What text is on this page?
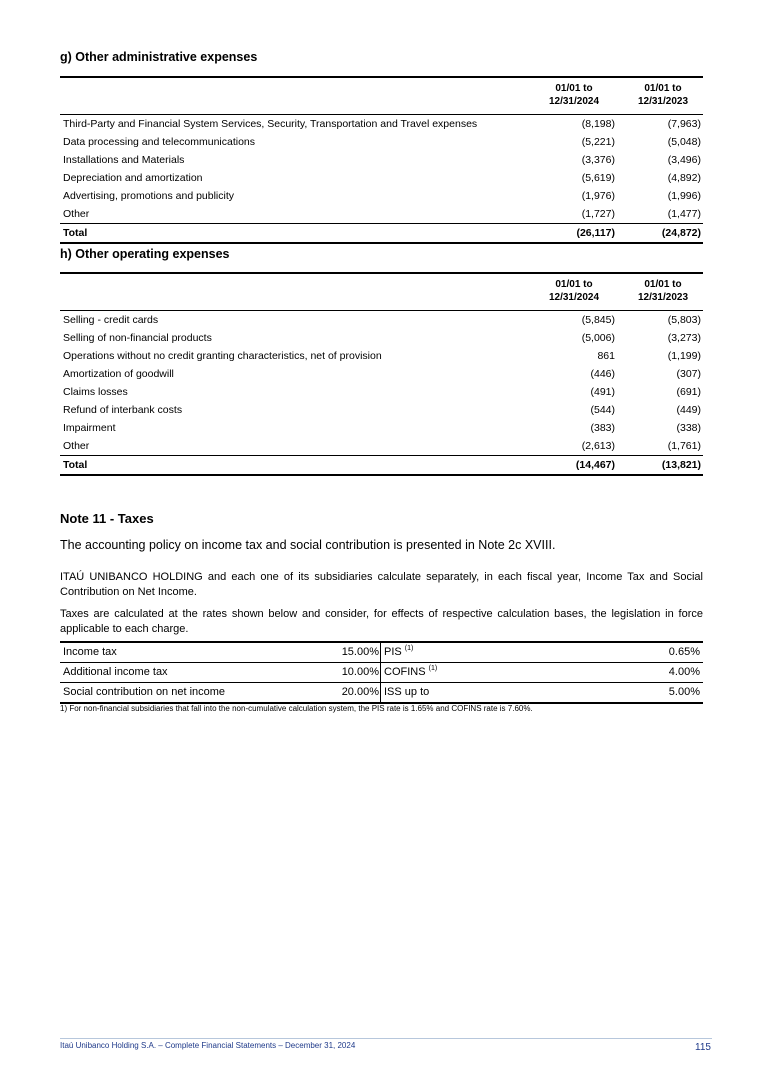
g) Other administrative expenses
01/01 to
12/31/2024
01/01 to
12/31/2023
Third-Party and Financial System Services, Security, Transportation and Travel expenses	(8,198)	(7,963)
Data processing and telecommunications	(5,221)	(5,048)
Installations and Materials	(3,376)	(3,496)
Depreciation and amortization	(5,619)	(4,892)
Advertising, promotions and publicity	(1,976)	(1,996)
Other	(1,727)	(1,477)
Total	(26,117)	(24,872)
h) Other operating expenses
01/01 to
12/31/2024
01/01 to
12/31/2023
Selling - credit cards	(5,845)	(5,803)
Selling of non-financial products	(5,006)	(3,273)
Operations without no credit granting characteristics, net of provision	861	(1,199)
Amortization of goodwill	(446)	(307)
Claims losses	(491)	(691)
Refund of interbank costs	(544)	(449)
Impairment	(383)	(338)
Other	(2,613)	(1,761)
Total	(14,467)	(13,821)
Note 11 - Taxes
The accounting policy on income tax and social contribution is presented in Note 2c XVIII.
ITAÚ UNIBANCO HOLDING and each one of its subsidiaries calculate separately, in each fiscal year, Income Tax and Social Contribution on Net Income.
Taxes are calculated at the rates shown below and consider, for effects of respective calculation bases, the legislation in force applicable to each charge.
Income tax	15.00% PIS $^{(1)}$	0.65%
Additional income tax	10.00% COFINS $^{(1)}$	4.00%
Social contribution on net income	20.00% ISS up to	5.00%
1) For non-financial subsidiaries that fall into the non-cumulative calculation system, the PIS rate is 1.65% and COFINS rate is 7.60%.
Itaú Unibanco Holding S.A. – Complete Financial Statements – December 31, 2024	115
